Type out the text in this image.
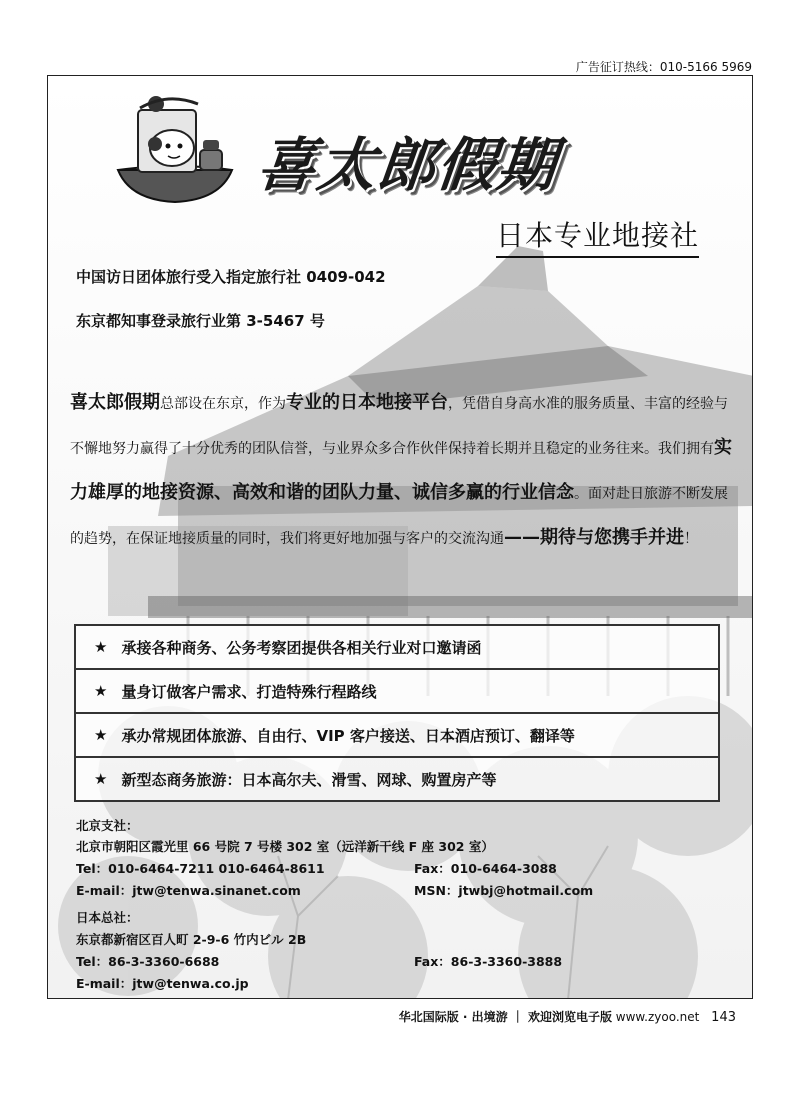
广告征订热线：010-5166 5969
喜太郎假期
日本专业地接社
中国访日团体旅行受入指定旅行社 0409-042
东京都知事登录旅行业第 3-5467 号
喜太郎假期总部设在东京，作为专业的日本地接平台，凭借自身高水准的服务质量、丰富的经验与不懈地努力赢得了十分优秀的团队信誉，与业界众多合作伙伴保持着长期并且稳定的业务往来。我们拥有实力雄厚的地接资源、高效和谐的团队力量、诚信多赢的行业信念。面对赴日旅游不断发展的趋势，在保证地接质量的同时，我们将更好地加强与客户的交流沟通——期待与您携手并进！
★ 承接各种商务、公务考察团提供各相关行业对口邀请函
★ 量身订做客户需求、打造特殊行程路线
★ 承办常规团体旅游、自由行、VIP 客户接送、日本酒店预订、翻译等
★ 新型态商务旅游：日本高尔夫、滑雪、网球、购置房产等
北京支社：
北京市朝阳区霞光里 66 号院 7 号楼 302 室（远洋新干线 F 座 302 室）
Tel：010-6464-7211 010-6464-8611	Fax：010-6464-3088
E-mail：jtw@tenwa.sinanet.com	MSN：jtwbj@hotmail.com
日本总社：
东京都新宿区百人町 2-9-6 竹内ビル 2B
Tel：86-3-3360-6688	Fax：86-3-3360-3888
E-mail：jtw@tenwa.co.jp
华北国际版 · 出境游 ｜ 欢迎浏览电子版 www.zyoo.net 143
